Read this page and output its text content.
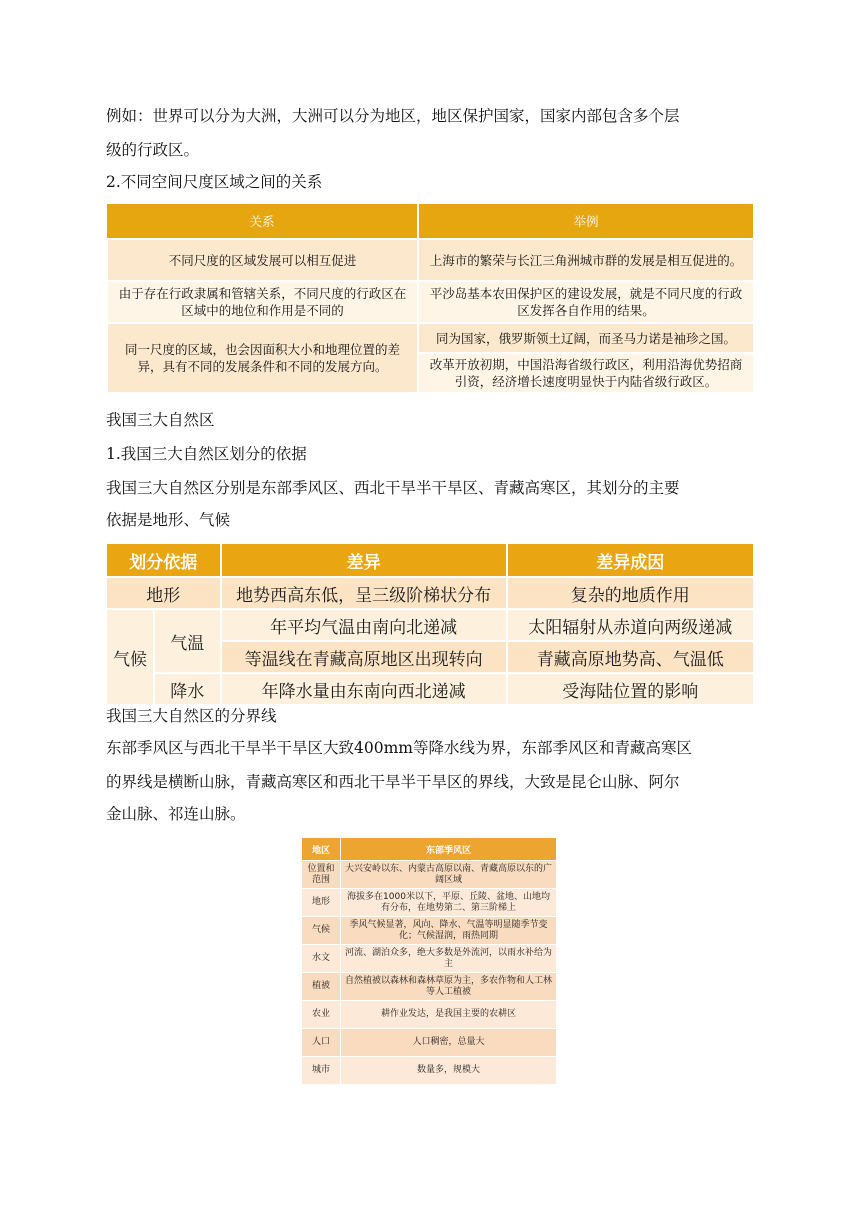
例如：世界可以分为大洲，大洲可以分为地区，地区保护国家，国家内部包含多个层
级的行政区。
2.不同空间尺度区域之间的关系
关系	举例
不同尺度的区域发展可以相互促进	上海市的繁荣与长江三角洲城市群的发展是相互促进的。
由于存在行政隶属和管辖关系，不同尺度的行政区在区域中的地位和作用是不同的	平沙岛基本农田保护区的建设发展，就是不同尺度的行政区发挥各自作用的结果。
同一尺度的区域，也会因面积大小和地理位置的差异，具有不同的发展条件和不同的发展方向。	同为国家，俄罗斯领土辽阔，而圣马力诺是袖珍之国。
	改革开放初期，中国沿海省级行政区，利用沿海优势招商引资，经济增长速度明显快于内陆省级行政区。
我国三大自然区
1.我国三大自然区划分的依据
我国三大自然区分别是东部季风区、西北干旱半干旱区、青藏高寒区，其划分的主要
依据是地形、气候
划分依据		差异	差异成因
地形		地势西高东低，呈三级阶梯状分布	复杂的地质作用
气候	气温	年平均气温由南向北递减	太阳辐射从赤道向两级递减
		等温线在青藏高原地区出现转向	青藏高原地势高、气温低
	降水	年降水量由东南向西北递减	受海陆位置的影响
我国三大自然区的分界线
东部季风区与西北干旱半干旱区大致400mm等降水线为界，东部季风区和青藏高寒区
的界线是横断山脉，青藏高寒区和西北干旱半干旱区的界线，大致是昆仑山脉、阿尔
金山脉、祁连山脉。
地区	东部季风区
位置和范围	大兴安岭以东、内蒙古高原以南、青藏高原以东的广阔区域
地形	海拔多在1000米以下，平原、丘陵、盆地、山地均有分布，在地势第二、第三阶梯上
气候	季风气候显著，风向、降水、气温等明显随季节变化；气候湿润，雨热同期
水文	河流、湖泊众多，绝大多数是外流河，以雨水补给为主
植被	自然植被以森林和森林草原为主，多农作物和人工林等人工植被
农业	耕作业发达，是我国主要的农耕区
人口	人口稠密，总量大
城市	数量多，规模大
